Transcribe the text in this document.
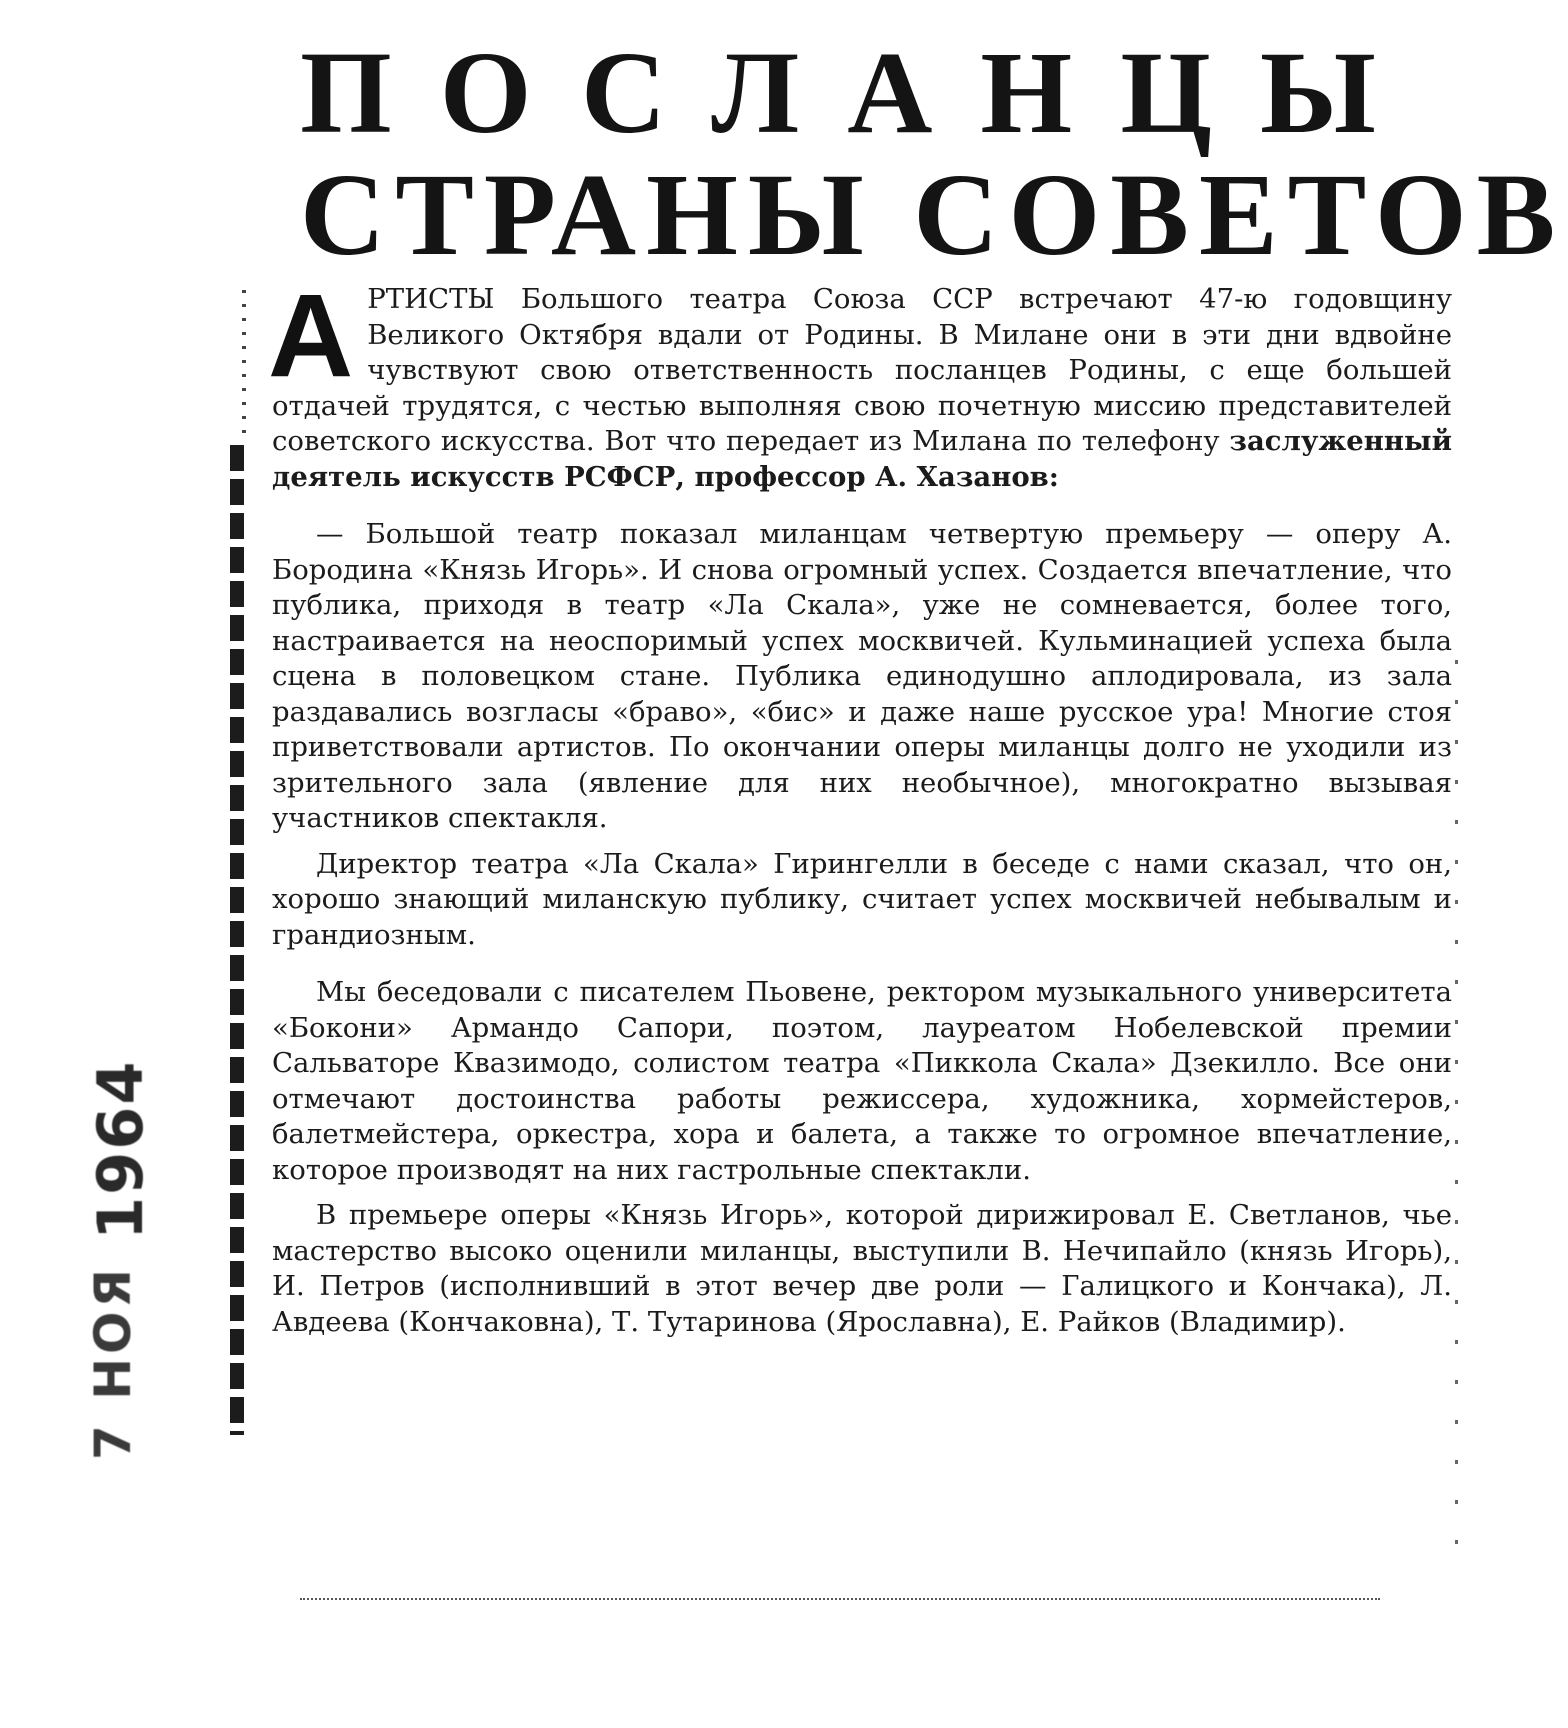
ПОСЛАНЦЫ
СТРАНЫ СОВЕТОВ
1964
7 НОЯ

АРТИСТЫ Большого театра Союза ССР встречают 47-ю годовщину Великого Октября вдали от Родины. В Милане они в эти дни вдвойне чувствуют свою ответственность посланцев Родины, с еще большей отдачей трудятся, с честью выполняя свою почетную миссию представителей советского искусства. Вот что передает из Милана по телефону заслуженный деятель искусств РСФСР, профессор А. Хазанов:

— Большой театр показал миланцам четвертую премьеру — оперу А. Бородина «Князь Игорь». И снова огромный успех. Создается впечатление, что публика, приходя в театр «Ла Скала», уже не сомневается, более того, настраивается на неоспоримый успех москвичей. Кульминацией успеха была сцена в половецком стане. Публика единодушно аплодировала, из зала раздавались возгласы «браво», «бис» и даже наше русское ура! Многие стоя приветствовали артистов. По окончании оперы миланцы долго не уходили из зрительного зала (явление для них необычное), многократно вызывая участников спектакля.

Директор театра «Ла Скала» Гирингелли в беседе с нами сказал, что он, хорошо знающий миланскую публику, считает успех москвичей небывалым и грандиозным.

Мы беседовали с писателем Пьовене, ректором музыкального университета «Бокони» Армандо Сапори, поэтом, лауреатом Нобелевской премии Сальваторе Квазимодо, солистом театра «Пиккола Скала» Дзекилло. Все они отмечают достоинства работы режиссера, художника, хормейстеров, балетмейстера, оркестра, хора и балета, а также то огромное впечатление, которое производят на них гастрольные спектакли.

В премьере оперы «Князь Игорь», которой дирижировал Е. Светланов, чье мастерство высоко оценили миланцы, выступили В. Нечипайло (князь Игорь), И. Петров (исполнивший в этот вечер две роли — Галицкого и Кончака), Л. Авдеева (Кончаковна), Т. Тутаринова (Ярославна), Е. Райков (Владимир).
